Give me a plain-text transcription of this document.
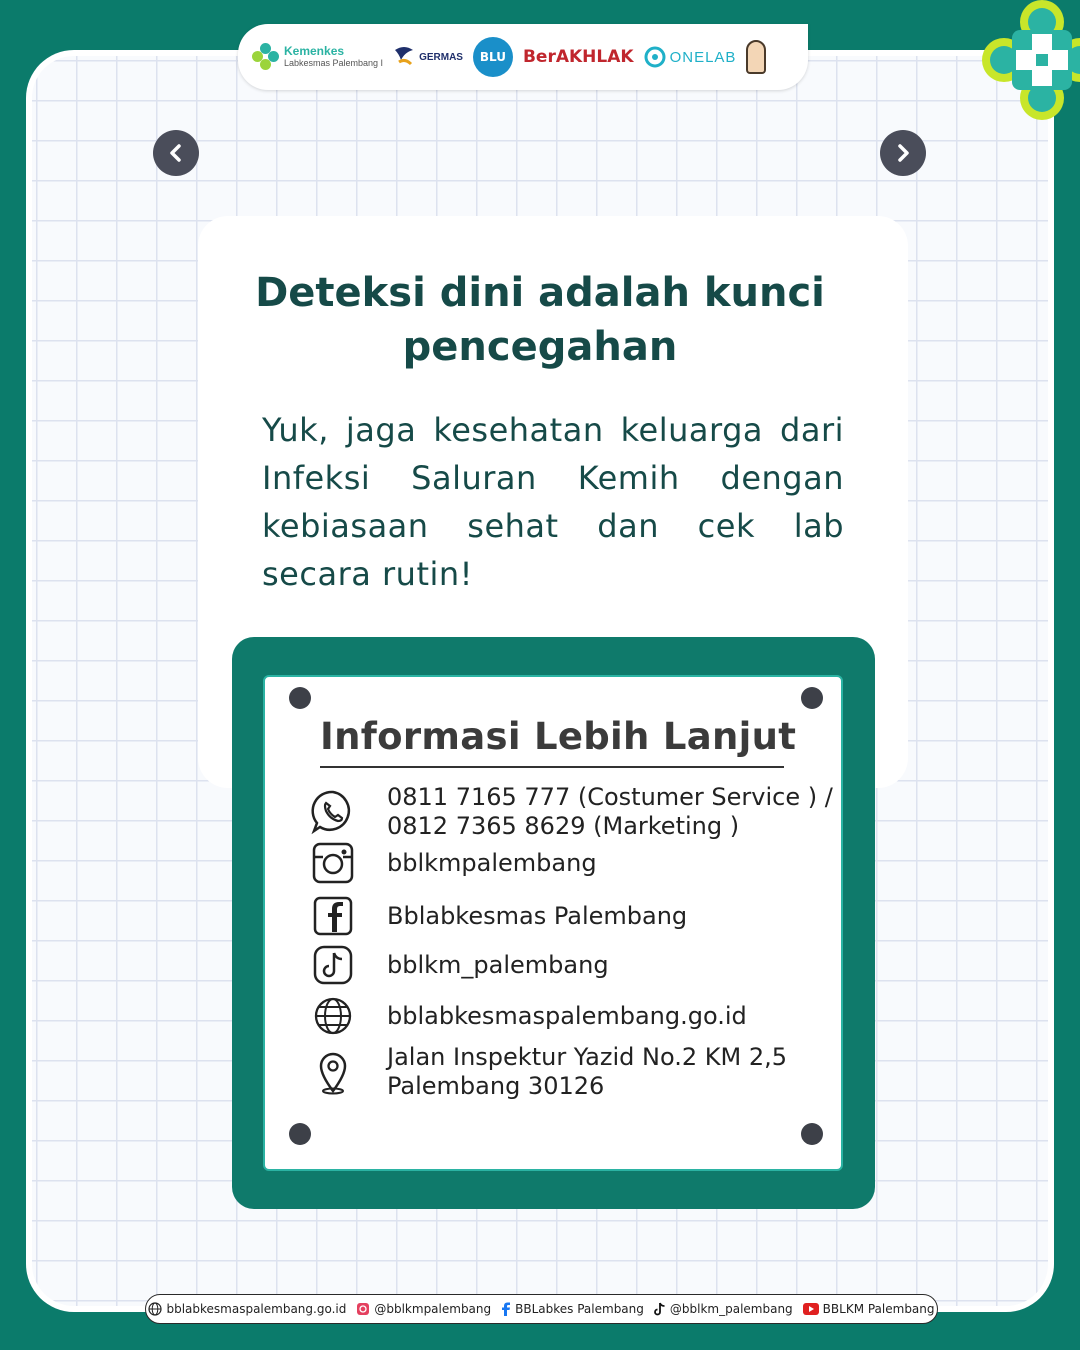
Kemenkes
Labkesmas Palembang I
GERMAS	BLU BerAKHLAK ONELAB
Deteksi dini adalah kunci pencegahan
Yuk, jaga kesehatan keluarga dari Infeksi Saluran Kemih dengan kebiasaan sehat dan cek lab secara rutin!
Informasi Lebih Lanjut
0811 7165 777 (Costumer Service ) /
0812 7365 8629 (Marketing )
bblkmpalembang
Bblabkesmas Palembang
bblkm_palembang
bblabkesmaspalembang.go.id
Jalan Inspektur Yazid No.2 KM 2,5
Palembang 30126
bblabkesmaspalembang.go.id @bblkmpalembang BBLabkes Palembang @bblkm_palembang	BBLKM Palembang
